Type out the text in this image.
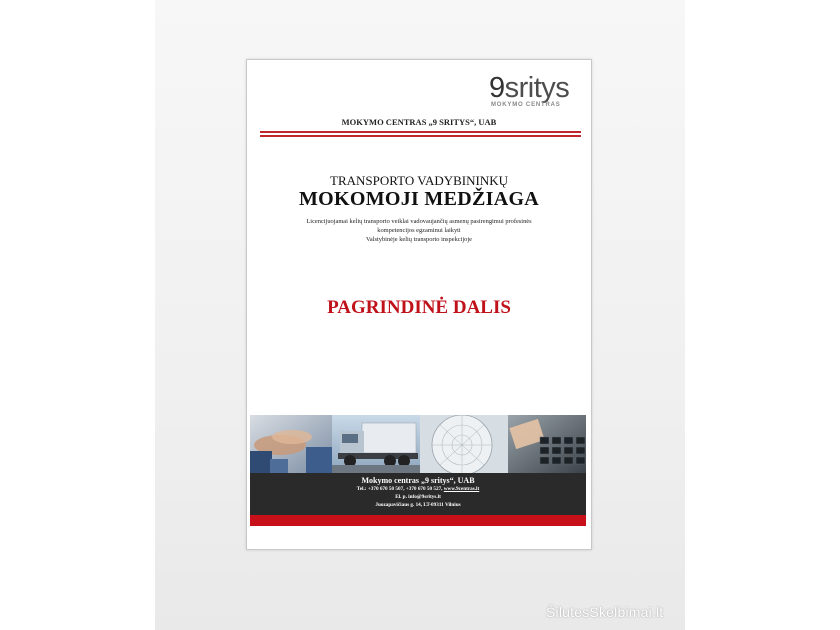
9sritys
MOKYMO CENTRAS
MOKYMO CENTRAS „9 SRITYS“, UAB
TRANSPORTO VADYBININKŲ
MOKOMOJI MEDŽIAGA
Licencijuojamai kelių transporto veiklai vadovaujančių asmenų pasirengimui profesinės
kompetencijos egzaminui laikyti
Valstybinėje kelių transporto inspekcijoje
PAGRINDINĖ DALIS
Mokymo centras „9 sritys“, UAB
Tel.: +370 670 50 507, +370 670 50 527, www.9centras.lt
El. p. info@9sritys.lt
Juozapavičiaus g. 14, LT-09311 Vilnius
ŠilutesSkelbimai.lt
